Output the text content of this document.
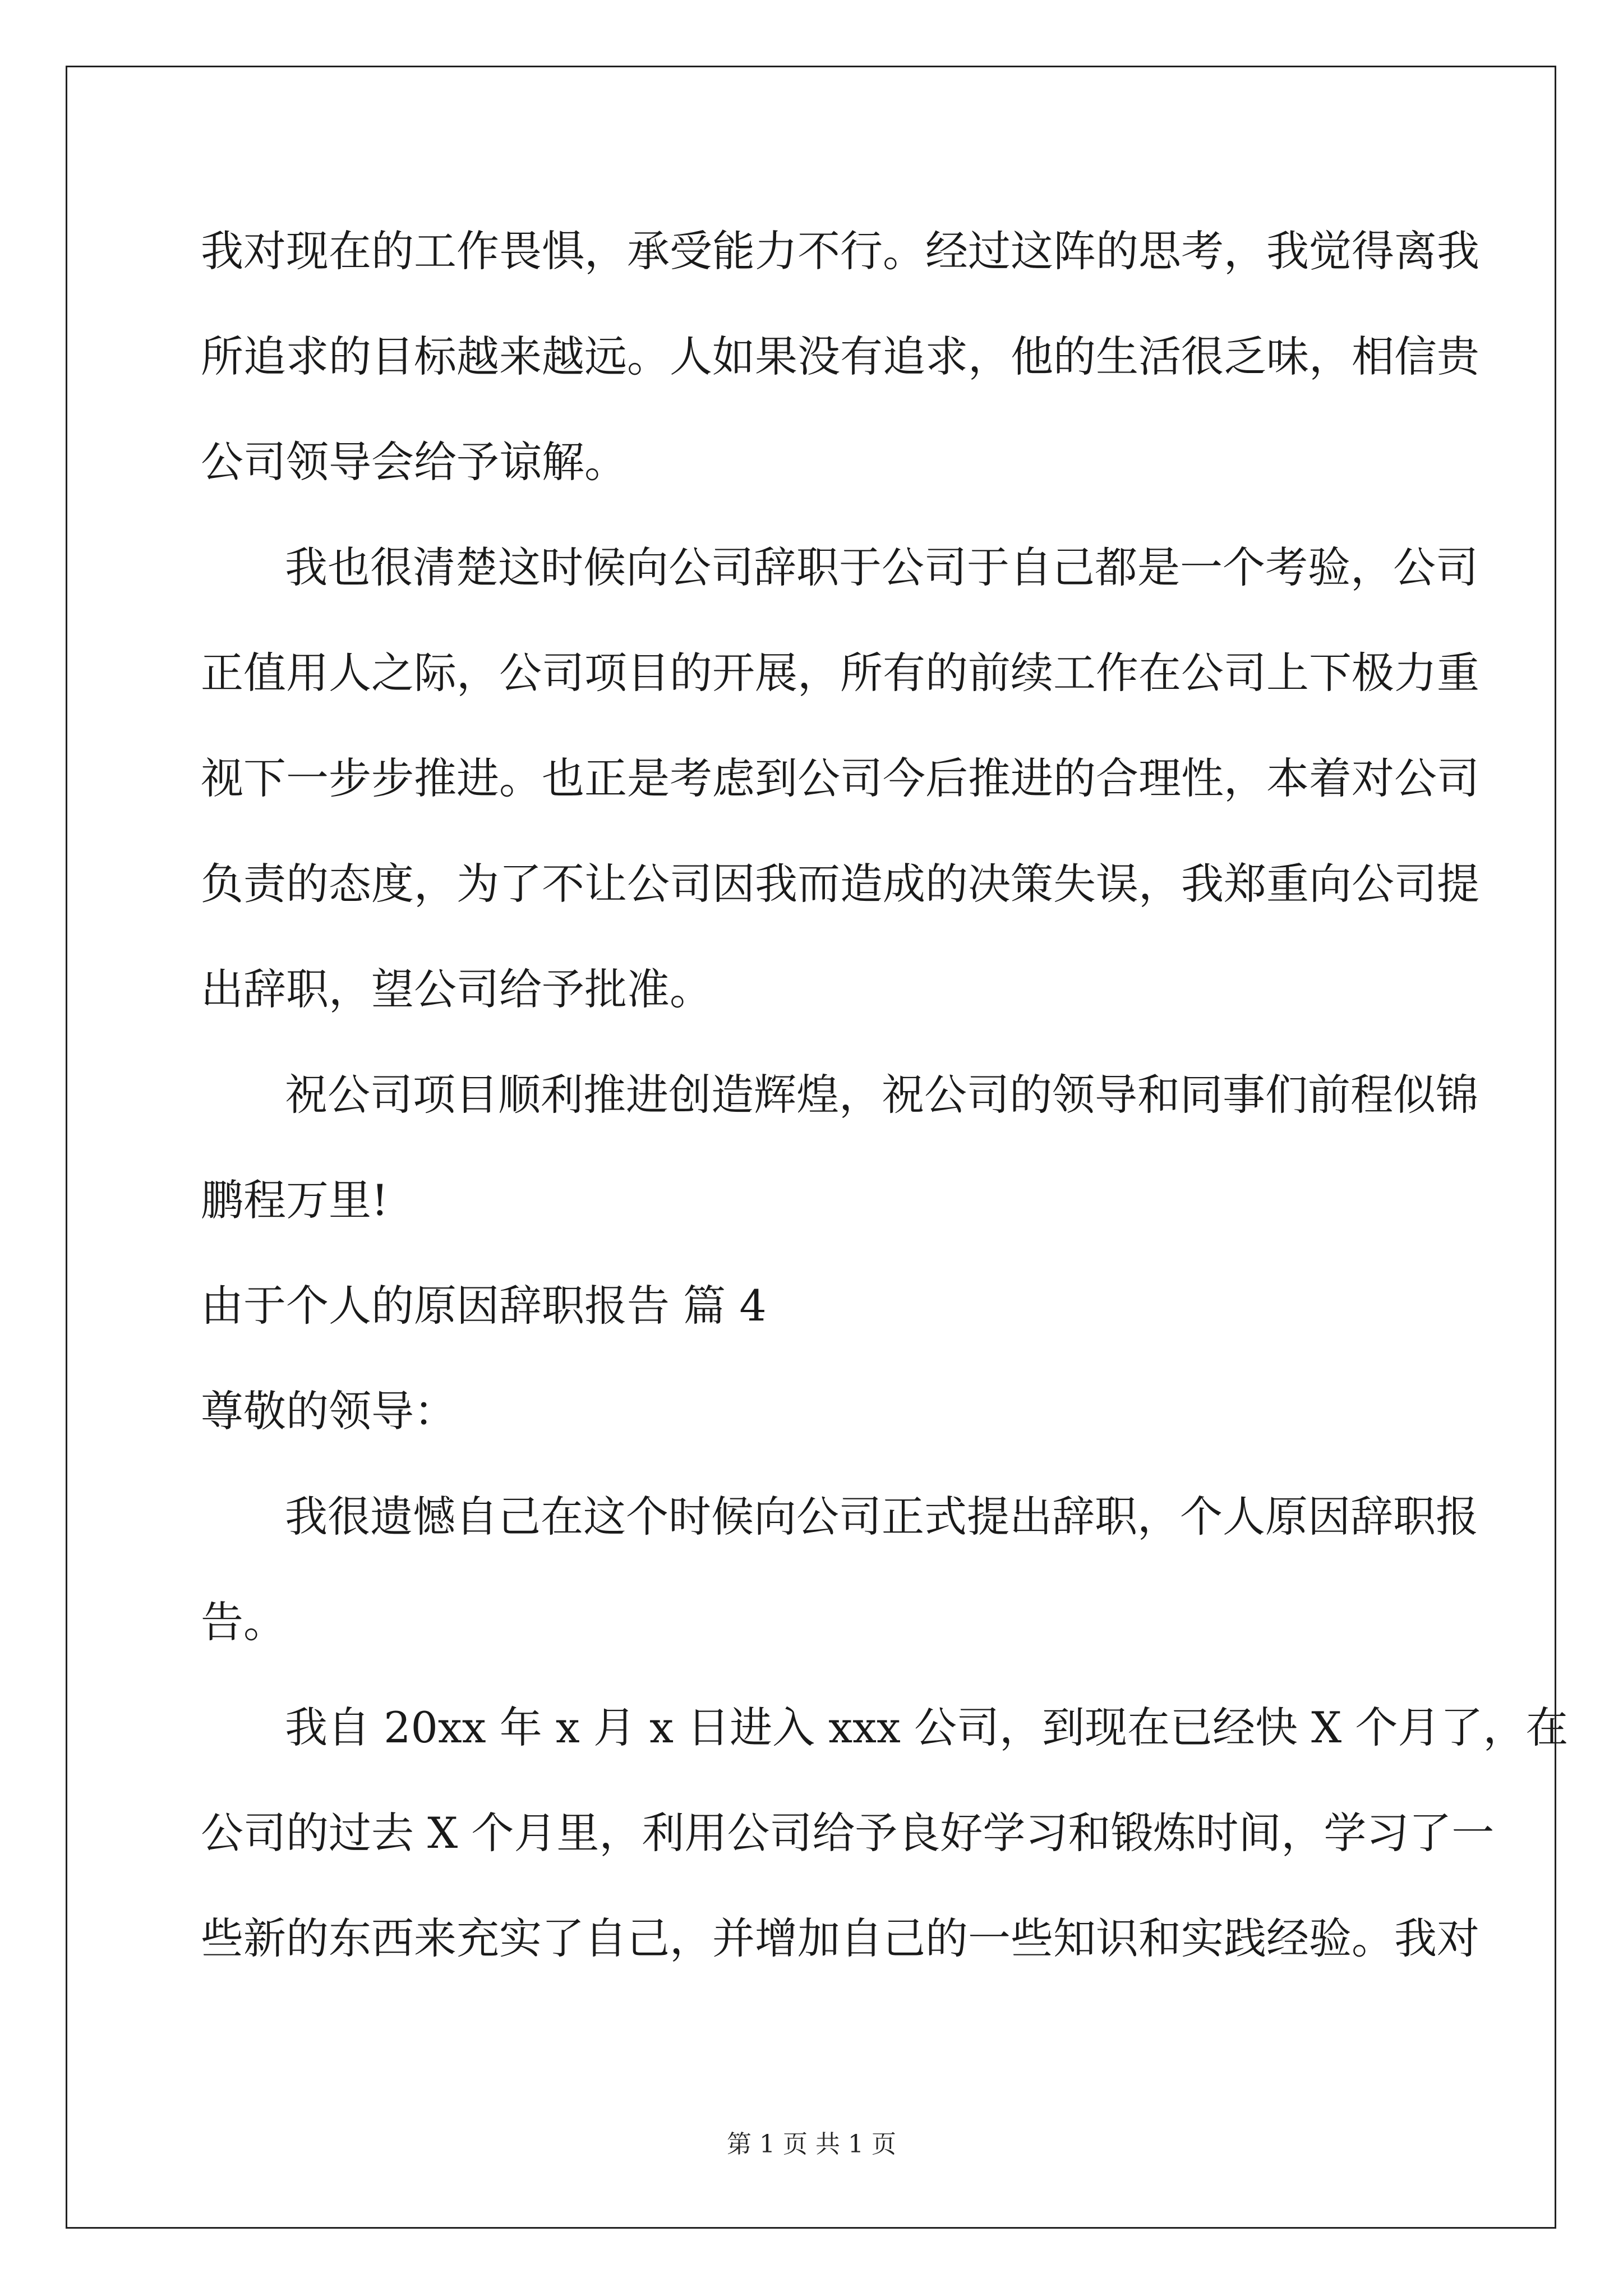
我对现在的工作畏惧，承受能力不行。经过这阵的思考，我觉得离我
所追求的目标越来越远。人如果没有追求，他的生活很乏味，相信贵
公司领导会给予谅解。
我也很清楚这时候向公司辞职于公司于自己都是一个考验，公司
正值用人之际，公司项目的开展，所有的前续工作在公司上下极力重
视下一步步推进。也正是考虑到公司今后推进的合理性，本着对公司
负责的态度，为了不让公司因我而造成的决策失误，我郑重向公司提
出辞职，望公司给予批准。
祝公司项目顺利推进创造辉煌，祝公司的领导和同事们前程似锦
鹏程万里!
由于个人的原因辞职报告 篇 4
尊敬的领导：
我很遗憾自己在这个时候向公司正式提出辞职，个人原因辞职报
告。
我自 20xx 年 x 月 x 日进入 xxx 公司，到现在已经快 X 个月了，在
公司的过去 X 个月里，利用公司给予良好学习和锻炼时间，学习了一
些新的东西来充实了自己，并增加自己的一些知识和实践经验。我对
第 1 页 共 1 页
